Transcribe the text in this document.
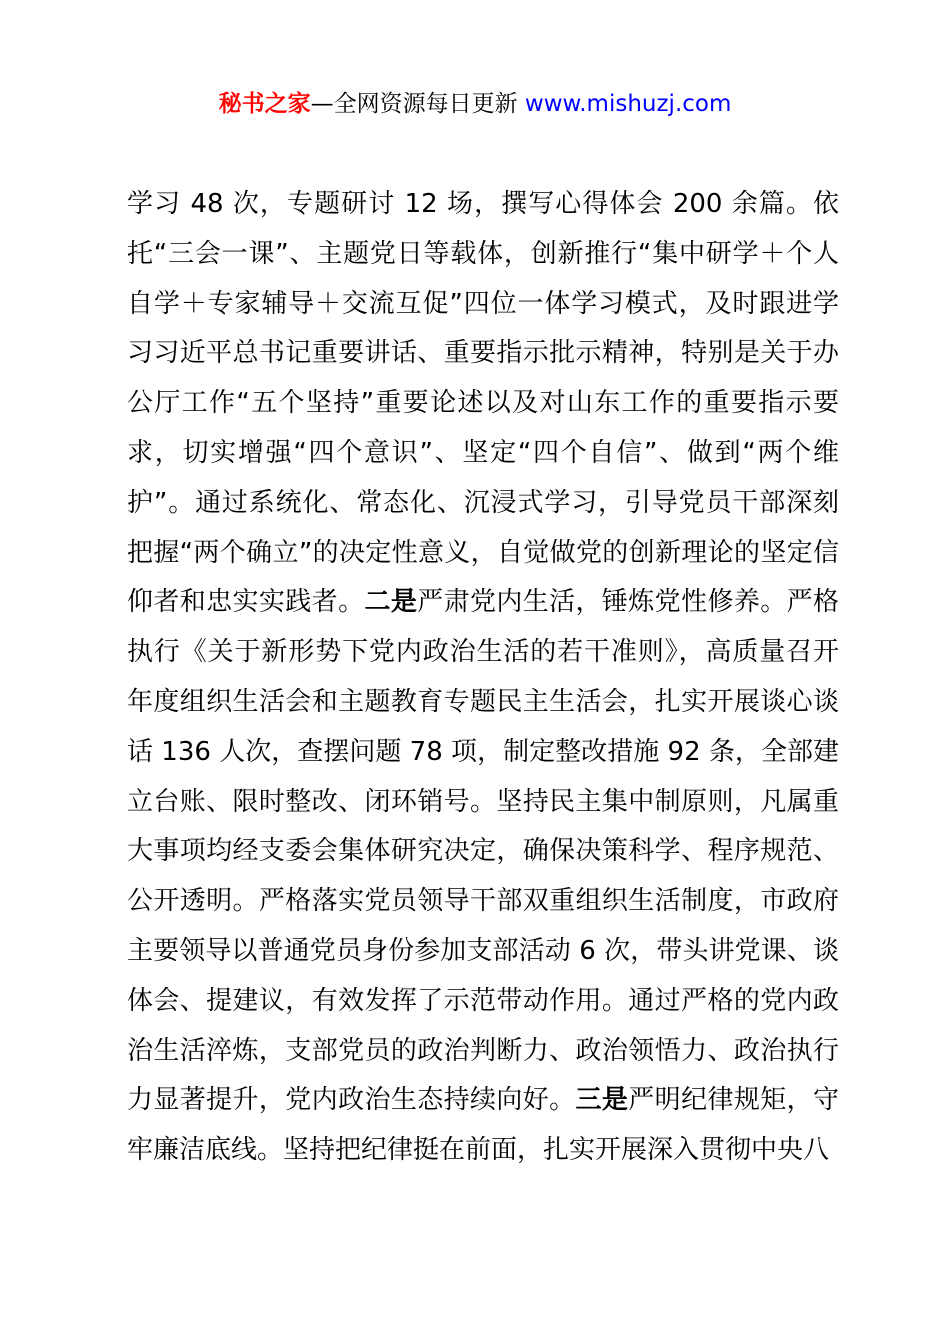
秘书之家—全网资源每日更新 www.mishuzj.com

学习 48 次，专题研讨 12 场，撰写心得体会 200 余篇。依托“三会一课”、主题党日等载体，创新推行“集中研学＋个人自学＋专家辅导＋交流互促”四位一体学习模式，及时跟进学习习近平总书记重要讲话、重要指示批示精神，特别是关于办公厅工作“五个坚持”重要论述以及对山东工作的重要指示要求，切实增强“四个意识”、坚定“四个自信”、做到“两个维护”。通过系统化、常态化、沉浸式学习，引导党员干部深刻把握“两个确立”的决定性意义，自觉做党的创新理论的坚定信仰者和忠实实践者。二是严肃党内生活，锤炼党性修养。严格执行《关于新形势下党内政治生活的若干准则》，高质量召开年度组织生活会和主题教育专题民主生活会，扎实开展谈心谈话 136 人次，查摆问题 78 项，制定整改措施 92 条，全部建立台账、限时整改、闭环销号。坚持民主集中制原则，凡属重大事项均经支委会集体研究决定，确保决策科学、程序规范、公开透明。严格落实党员领导干部双重组织生活制度，市政府主要领导以普通党员身份参加支部活动 6 次，带头讲党课、谈体会、提建议，有效发挥了示范带动作用。通过严格的党内政治生活淬炼，支部党员的政治判断力、政治领悟力、政治执行力显著提升，党内政治生态持续向好。三是严明纪律规矩，守牢廉洁底线。坚持把纪律挺在前面，扎实开展深入贯彻中央八
